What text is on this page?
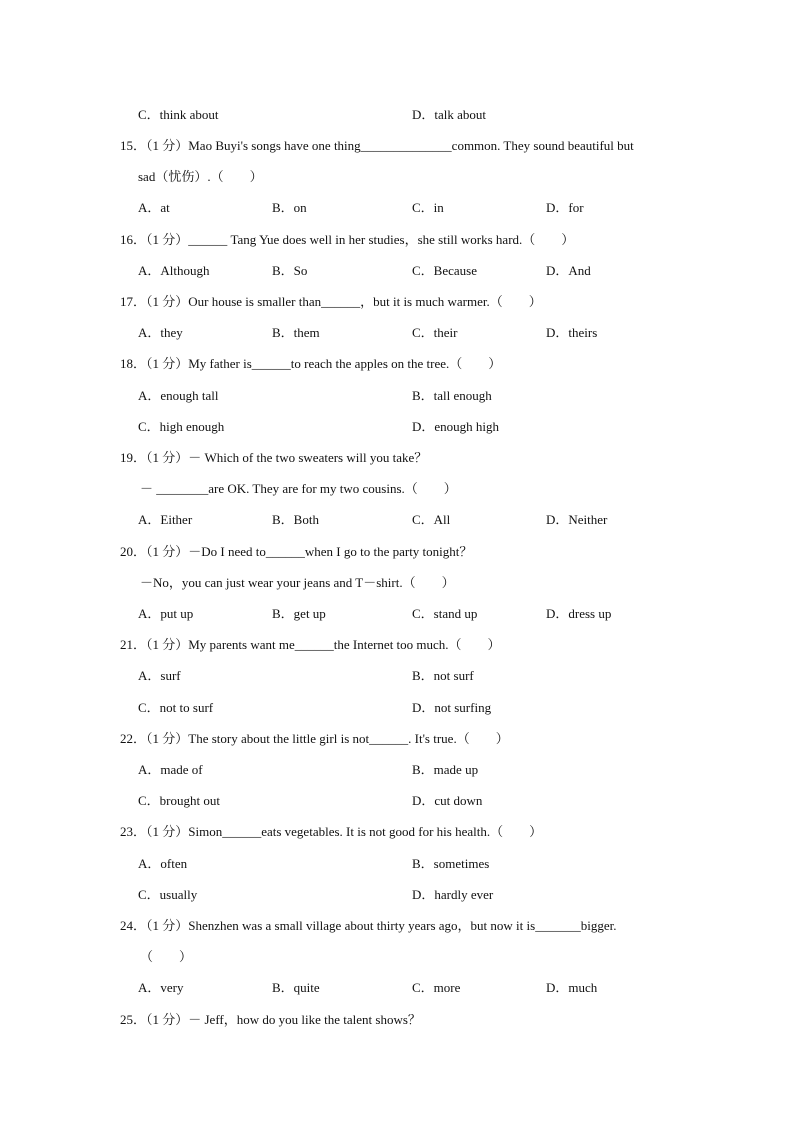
C．think about	D．talk about
15．（1 分）Mao Buyi's songs have one thing______________common. They sound beautiful but
sad（忧伤）.（　　）
A．at	B．on	C．in	D．for
16．（1 分）______ Tang Yue does well in her studies，she still works hard.（　　）
A．Although	B．So	C．Because	D．And
17．（1 分）Our house is smaller than______，but it is much warmer.（　　）
A．they	B．them	C．their	D．theirs
18．（1 分）My father is______to reach the apples on the tree.（　　）
A．enough tall	B．tall enough
C．high enough	D．enough high
19．（1 分）－ Which of the two sweaters will you take？
－ ________are OK. They are for my two cousins.（　　）
A．Either	B．Both	C．All	D．Neither
20．（1 分）－Do I need to______when I go to the party tonight？
－No，you can just wear your jeans and T－shirt.（　　）
A．put up	B．get up	C．stand up	D．dress up
21．（1 分）My parents want me______the Internet too much.（　　）
A．surf	B．not surf
C．not to surf	D．not surfing
22．（1 分）The story about the little girl is not______. It's true.（　　）
A．made of	B．made up
C．brought out	D．cut down
23．（1 分）Simon______eats vegetables. It is not good for his health.（　　）
A．often	B．sometimes
C．usually	D．hardly ever
24．（1 分）Shenzhen was a small village about thirty years ago，but now it is_______bigger.
（　　）
A．very	B．quite	C．more	D．much
25．（1 分）－ Jeff，how do you like the talent shows？
